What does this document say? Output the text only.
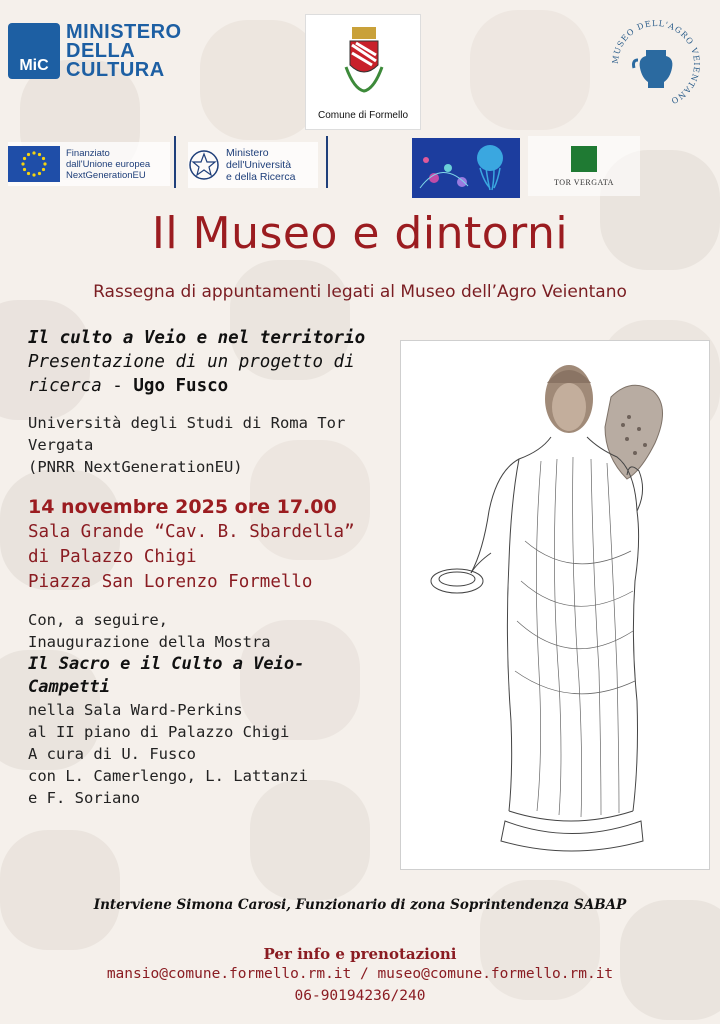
MiC
MINISTERO
DELLA
CULTURA
Comune di Formello
MUSEO DELL'AGRO VEIENTANO
Finanziato
dall'Unione europea
NextGenerationEU
Ministero
dell'Università
e della Ricerca	TOR VERGATA
Il Museo e dintorni
Rassegna di appuntamenti legati al Museo dell’Agro Veientano
Il culto a Veio e nel territorio
Presentazione di un progetto di
ricerca - Ugo Fusco
Università degli Studi di Roma Tor
Vergata
(PNRR NextGenerationEU)
14 novembre 2025 ore 17.00
Sala Grande “Cav. B. Sbardella”
di Palazzo Chigi
Piazza San Lorenzo Formello
Con, a seguire,
Inaugurazione della Mostra
Il Sacro e il Culto a Veio-
Campetti
nella Sala Ward-Perkins
al II piano di Palazzo Chigi
A cura di U. Fusco
con L. Camerlengo, L. Lattanzi
e F. Soriano
Interviene Simona Carosi, Funzionario di zona Soprintendenza SABAP
Per info e prenotazioni
mansio@comune.formello.rm.it / museo@comune.formello.rm.it
06-90194236/240
